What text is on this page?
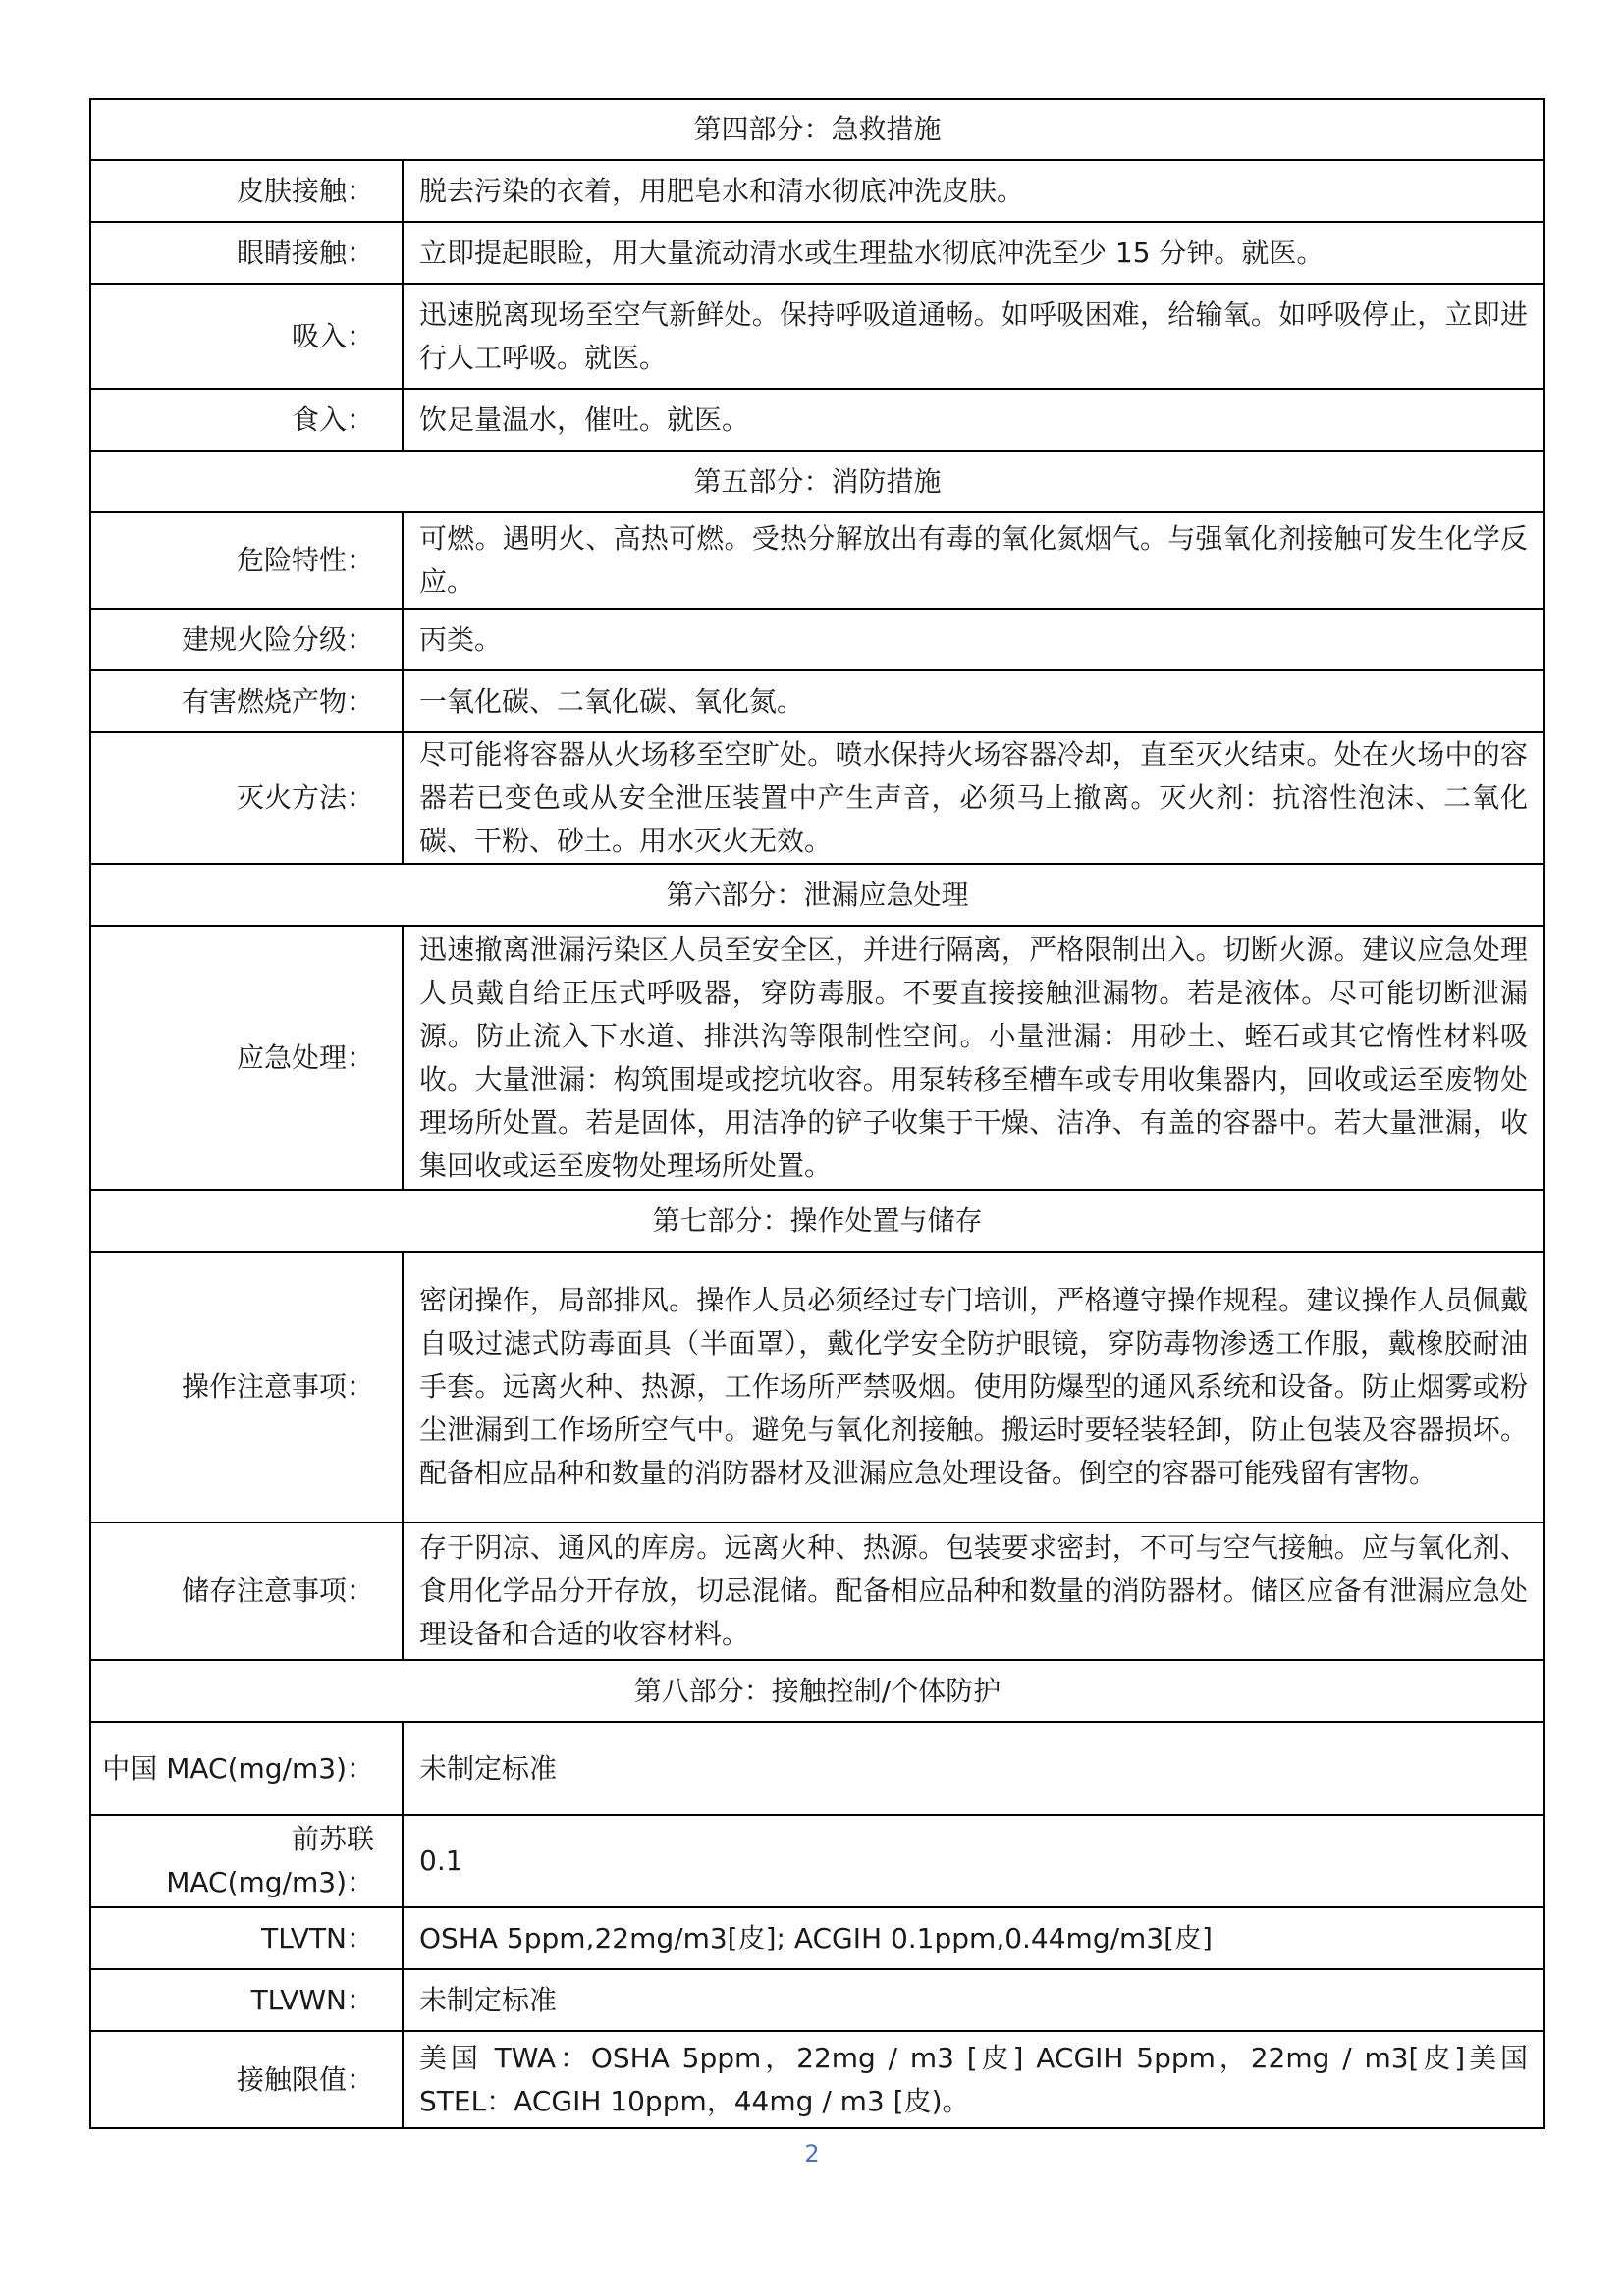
第四部分：急救措施	
皮肤接触：	脱去污染的衣着，用肥皂水和清水彻底冲洗皮肤。
眼睛接触：	立即提起眼睑，用大量流动清水或生理盐水彻底冲洗至少 15 分钟。就医。
吸入：	迅速脱离现场至空气新鲜处。保持呼吸道通畅。如呼吸困难，给输氧。如呼吸停止，立即进行人工呼吸。就医。
食入：	饮足量温水，催吐。就医。
第五部分：消防措施	
危险特性：	可燃。遇明火、高热可燃。受热分解放出有毒的氧化氮烟气。与强氧化剂接触可发生化学反应。
建规火险分级：	丙类。
有害燃烧产物：	一氧化碳、二氧化碳、氧化氮。
灭火方法：	尽可能将容器从火场移至空旷处。喷水保持火场容器冷却，直至灭火结束。处在火场中的容器若已变色或从安全泄压装置中产生声音，必须马上撤离。灭火剂：抗溶性泡沫、二氧化碳、干粉、砂土。用水灭火无效。
第六部分：泄漏应急处理	
应急处理：	迅速撤离泄漏污染区人员至安全区，并进行隔离，严格限制出入。切断火源。建议应急处理人员戴自给正压式呼吸器，穿防毒服。不要直接接触泄漏物。若是液体。尽可能切断泄漏源。防止流入下水道、排洪沟等限制性空间。小量泄漏：用砂土、蛭石或其它惰性材料吸收。大量泄漏：构筑围堤或挖坑收容。用泵转移至槽车或专用收集器内，回收或运至废物处理场所处置。若是固体，用洁净的铲子收集于干燥、洁净、有盖的容器中。若大量泄漏，收集回收或运至废物处理场所处置。
第七部分：操作处置与储存	
操作注意事项：	密闭操作，局部排风。操作人员必须经过专门培训，严格遵守操作规程。建议操作人员佩戴自吸过滤式防毒面具（半面罩），戴化学安全防护眼镜，穿防毒物渗透工作服，戴橡胶耐油手套。远离火种、热源，工作场所严禁吸烟。使用防爆型的通风系统和设备。防止烟雾或粉尘泄漏到工作场所空气中。避免与氧化剂接触。搬运时要轻装轻卸，防止包装及容器损坏。配备相应品种和数量的消防器材及泄漏应急处理设备。倒空的容器可能残留有害物。
储存注意事项：	存于阴凉、通风的库房。远离火种、热源。包装要求密封，不可与空气接触。应与氧化剂、食用化学品分开存放，切忌混储。配备相应品种和数量的消防器材。储区应备有泄漏应急处理设备和合适的收容材料。
第八部分：接触控制/个体防护	
中国 MAC(mg/m3)：	未制定标准
前苏联 MAC(mg/m3)：	0.1
TLVTN：	OSHA 5ppm,22mg/m3[皮]; ACGIH 0.1ppm,0.44mg/m3[皮]
TLVWN：	未制定标准
接触限值：	美国 TWA：OSHA 5ppm，22mg / m3 [皮] ACGIH 5ppm，22mg / m3[皮]美国 STEL：ACGIH 10ppm，44mg / m3 [皮)。
2
